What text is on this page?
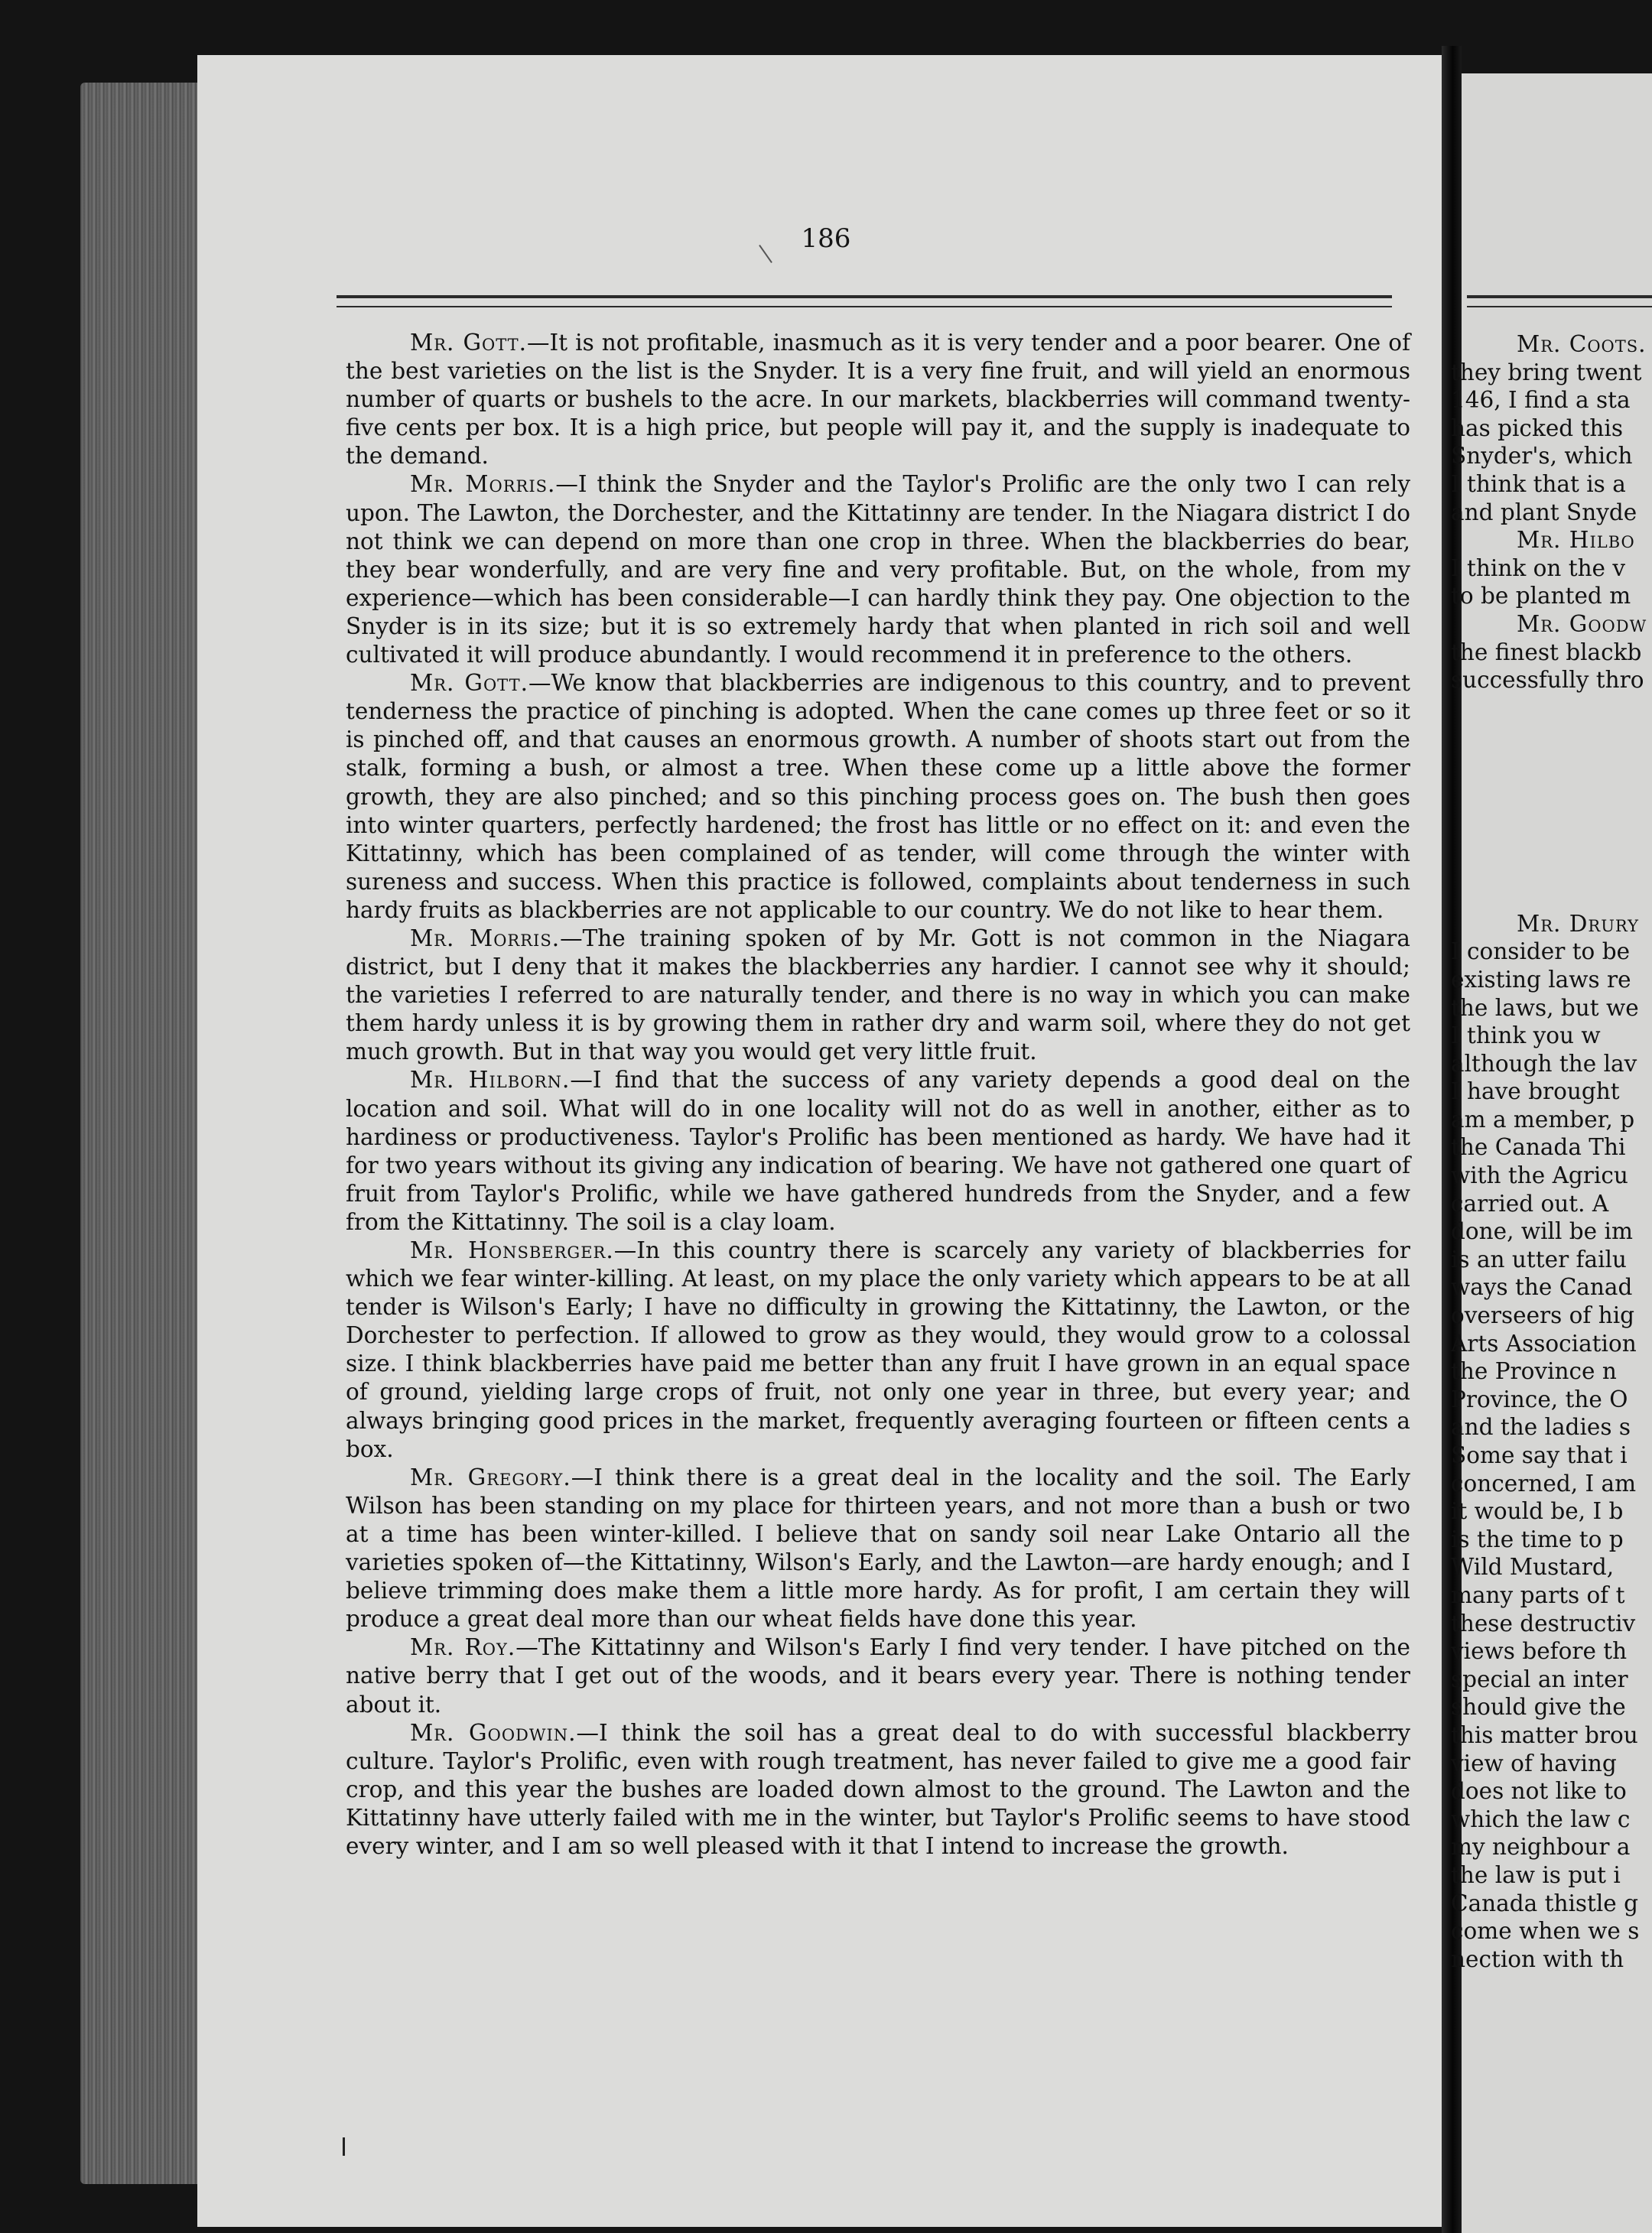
186

Mr. Gott.—It is not profitable, inasmuch as it is very tender and a poor bearer. One of the best varieties on the list is the Snyder. It is a very fine fruit, and will yield an enormous number of quarts or bushels to the acre. In our markets, blackberries will command twenty-five cents per box. It is a high price, but people will pay it, and the supply is inadequate to the demand.

Mr. Morris.—I think the Snyder and the Taylor's Prolific are the only two I can rely upon. The Lawton, the Dorchester, and the Kittatinny are tender. In the Niagara district I do not think we can depend on more than one crop in three. When the blackberries do bear, they bear wonderfully, and are very fine and very profitable. But, on the whole, from my experience—which has been considerable—I can hardly think they pay. One objection to the Snyder is in its size; but it is so extremely hardy that when planted in rich soil and well cultivated it will produce abundantly. I would recommend it in preference to the others.

Mr. Gott.—We know that blackberries are indigenous to this country, and to prevent tenderness the practice of pinching is adopted. When the cane comes up three feet or so it is pinched off, and that causes an enormous growth. A number of shoots start out from the stalk, forming a bush, or almost a tree. When these come up a little above the former growth, they are also pinched; and so this pinching process goes on. The bush then goes into winter quarters, perfectly hardened; the frost has little or no effect on it: and even the Kittatinny, which has been complained of as tender, will come through the winter with sureness and success. When this practice is followed, complaints about tenderness in such hardy fruits as blackberries are not applicable to our country. We do not like to hear them.

Mr. Morris.—The training spoken of by Mr. Gott is not common in the Niagara district, but I deny that it makes the blackberries any hardier. I cannot see why it should; the varieties I referred to are naturally tender, and there is no way in which you can make them hardy unless it is by growing them in rather dry and warm soil, where they do not get much growth. But in that way you would get very little fruit.

Mr. Hilborn.—I find that the success of any variety depends a good deal on the location and soil. What will do in one locality will not do as well in another, either as to hardiness or productiveness. Taylor's Prolific has been mentioned as hardy. We have had it for two years without its giving any indication of bearing. We have not gathered one quart of fruit from Taylor's Prolific, while we have gathered hundreds from the Snyder, and a few from the Kittatinny. The soil is a clay loam.

Mr. Honsberger.—In this country there is scarcely any variety of blackberries for which we fear winter-killing. At least, on my place the only variety which appears to be at all tender is Wilson's Early; I have no difficulty in growing the Kittatinny, the Lawton, or the Dorchester to perfection. If allowed to grow as they would, they would grow to a colossal size. I think blackberries have paid me better than any fruit I have grown in an equal space of ground, yielding large crops of fruit, not only one year in three, but every year; and always bringing good prices in the market, frequently averaging fourteen or fifteen cents a box.

Mr. Gregory.—I think there is a great deal in the locality and the soil. The Early Wilson has been standing on my place for thirteen years, and not more than a bush or two at a time has been winter-killed. I believe that on sandy soil near Lake Ontario all the varieties spoken of—the Kittatinny, Wilson's Early, and the Lawton—are hardy enough; and I believe trimming does make them a little more hardy. As for profit, I am certain they will produce a great deal more than our wheat fields have done this year.

Mr. Roy.—The Kittatinny and Wilson's Early I find very tender. I have pitched on the native berry that I get out of the woods, and it bears every year. There is nothing tender about it.

Mr. Goodwin.—I think the soil has a great deal to do with successful blackberry culture. Taylor's Prolific, even with rough treatment, has never failed to give me a good fair crop, and this year the bushes are loaded down almost to the ground. The Lawton and the Kittatinny have utterly failed with me in the winter, but Taylor's Prolific seems to have stood every winter, and I am so well pleased with it that I intend to increase the growth.

Mr. Coots.
they bring twent
146, I find a sta
has picked this
Snyder's, which
I think that is a
and plant Snyde
Mr. Hilbo
I think on the v
to be planted m
Mr. Goodw
the finest blackb
successfully thro
Mr. Drury
I consider to be
existing laws re
the laws, but we
I think you w
although the lav
I have brought
am a member, p
the Canada Thi
with the Agricu
carried out. A
done, will be im
is an utter failu
ways the Canad
overseers of hig
Arts Association
the Province n
Province, the O
and the ladies s
Some say that i
concerned, I am
it would be, I b
is the time to p
Wild Mustard,
many parts of t
these destructiv
views before th
special an inter
should give the
this matter brou
view of having
does not like to
which the law c
my neighbour a
the law is put i
Canada thistle g
come when we s
nection with th
